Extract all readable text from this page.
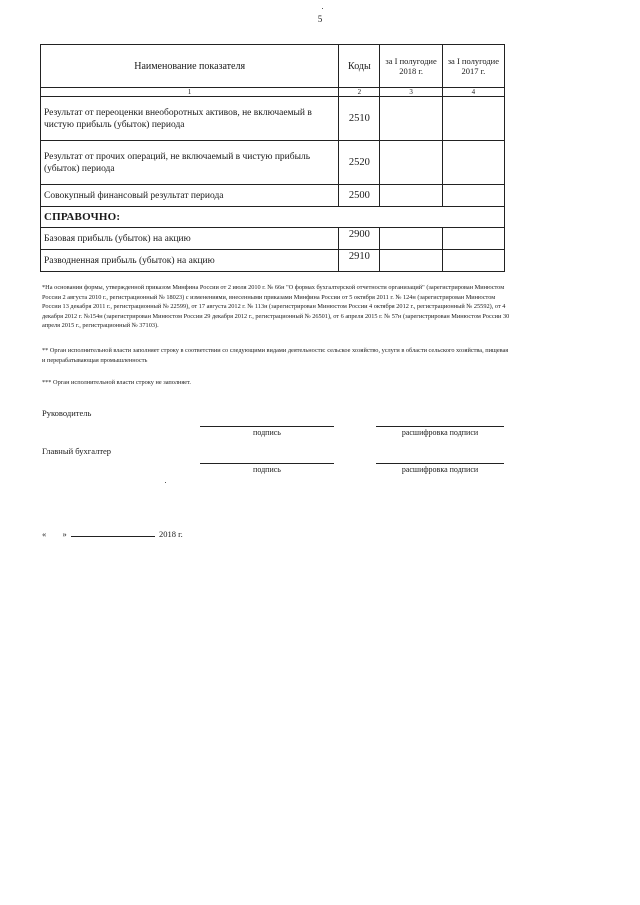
5
Наименование показателя	Коды	за I полугодие 2018 г.	за I полугодие 2017 г.
1	2	3	4
Результат от переоценки внеоборотных активов, не включаемый в чистую прибыль (убыток) периода	2510		
Результат от прочих операций, не включаемый в чистую прибыль (убыток) периода	2520		
Совокупный финансовый результат периода	2500		
СПРАВОЧНО:			
Базовая прибыль (убыток) на акцию	2900		
Разводненная прибыль (убыток) на акцию	2910		
*На основании формы, утвержденной приказом Минфина России от 2 июля 2010 г. № 66н "О формах бухгалтерской отчетности организаций" (зарегистрирован Минюстом России 2 августа 2010 г., регистрационный № 18023) с изменениями, внесенными приказами Минфина России от 5 октября 2011 г. № 124н (зарегистрирован Минюстом России 13 декабря 2011 г., регистрационный № 22599), от 17 августа 2012 г. № 113н (зарегистрирован Минюстом России 4 октября 2012 г., регистрационный № 25592), от 4 декабря 2012 г. №154н (зарегистрирован Минюстом России 29 декабря 2012 г., регистрационный № 26501), от 6 апреля 2015 г. № 57н (зарегистрирован Минюстом России 30 апреля 2015 г., регистрационный № 37103).
** Орган исполнительной власти заполняет строку в соответствии со следующими видами деятельности: сельское хозяйство, услуги в области сельского хозяйства, пищевая и перерабатывающая промышленность
*** Орган исполнительной власти строку не заполняет.
Руководитель
подпись	расшифровка подписи
Главный бухгалтер
подпись	расшифровка подписи
« »	2018 г.
